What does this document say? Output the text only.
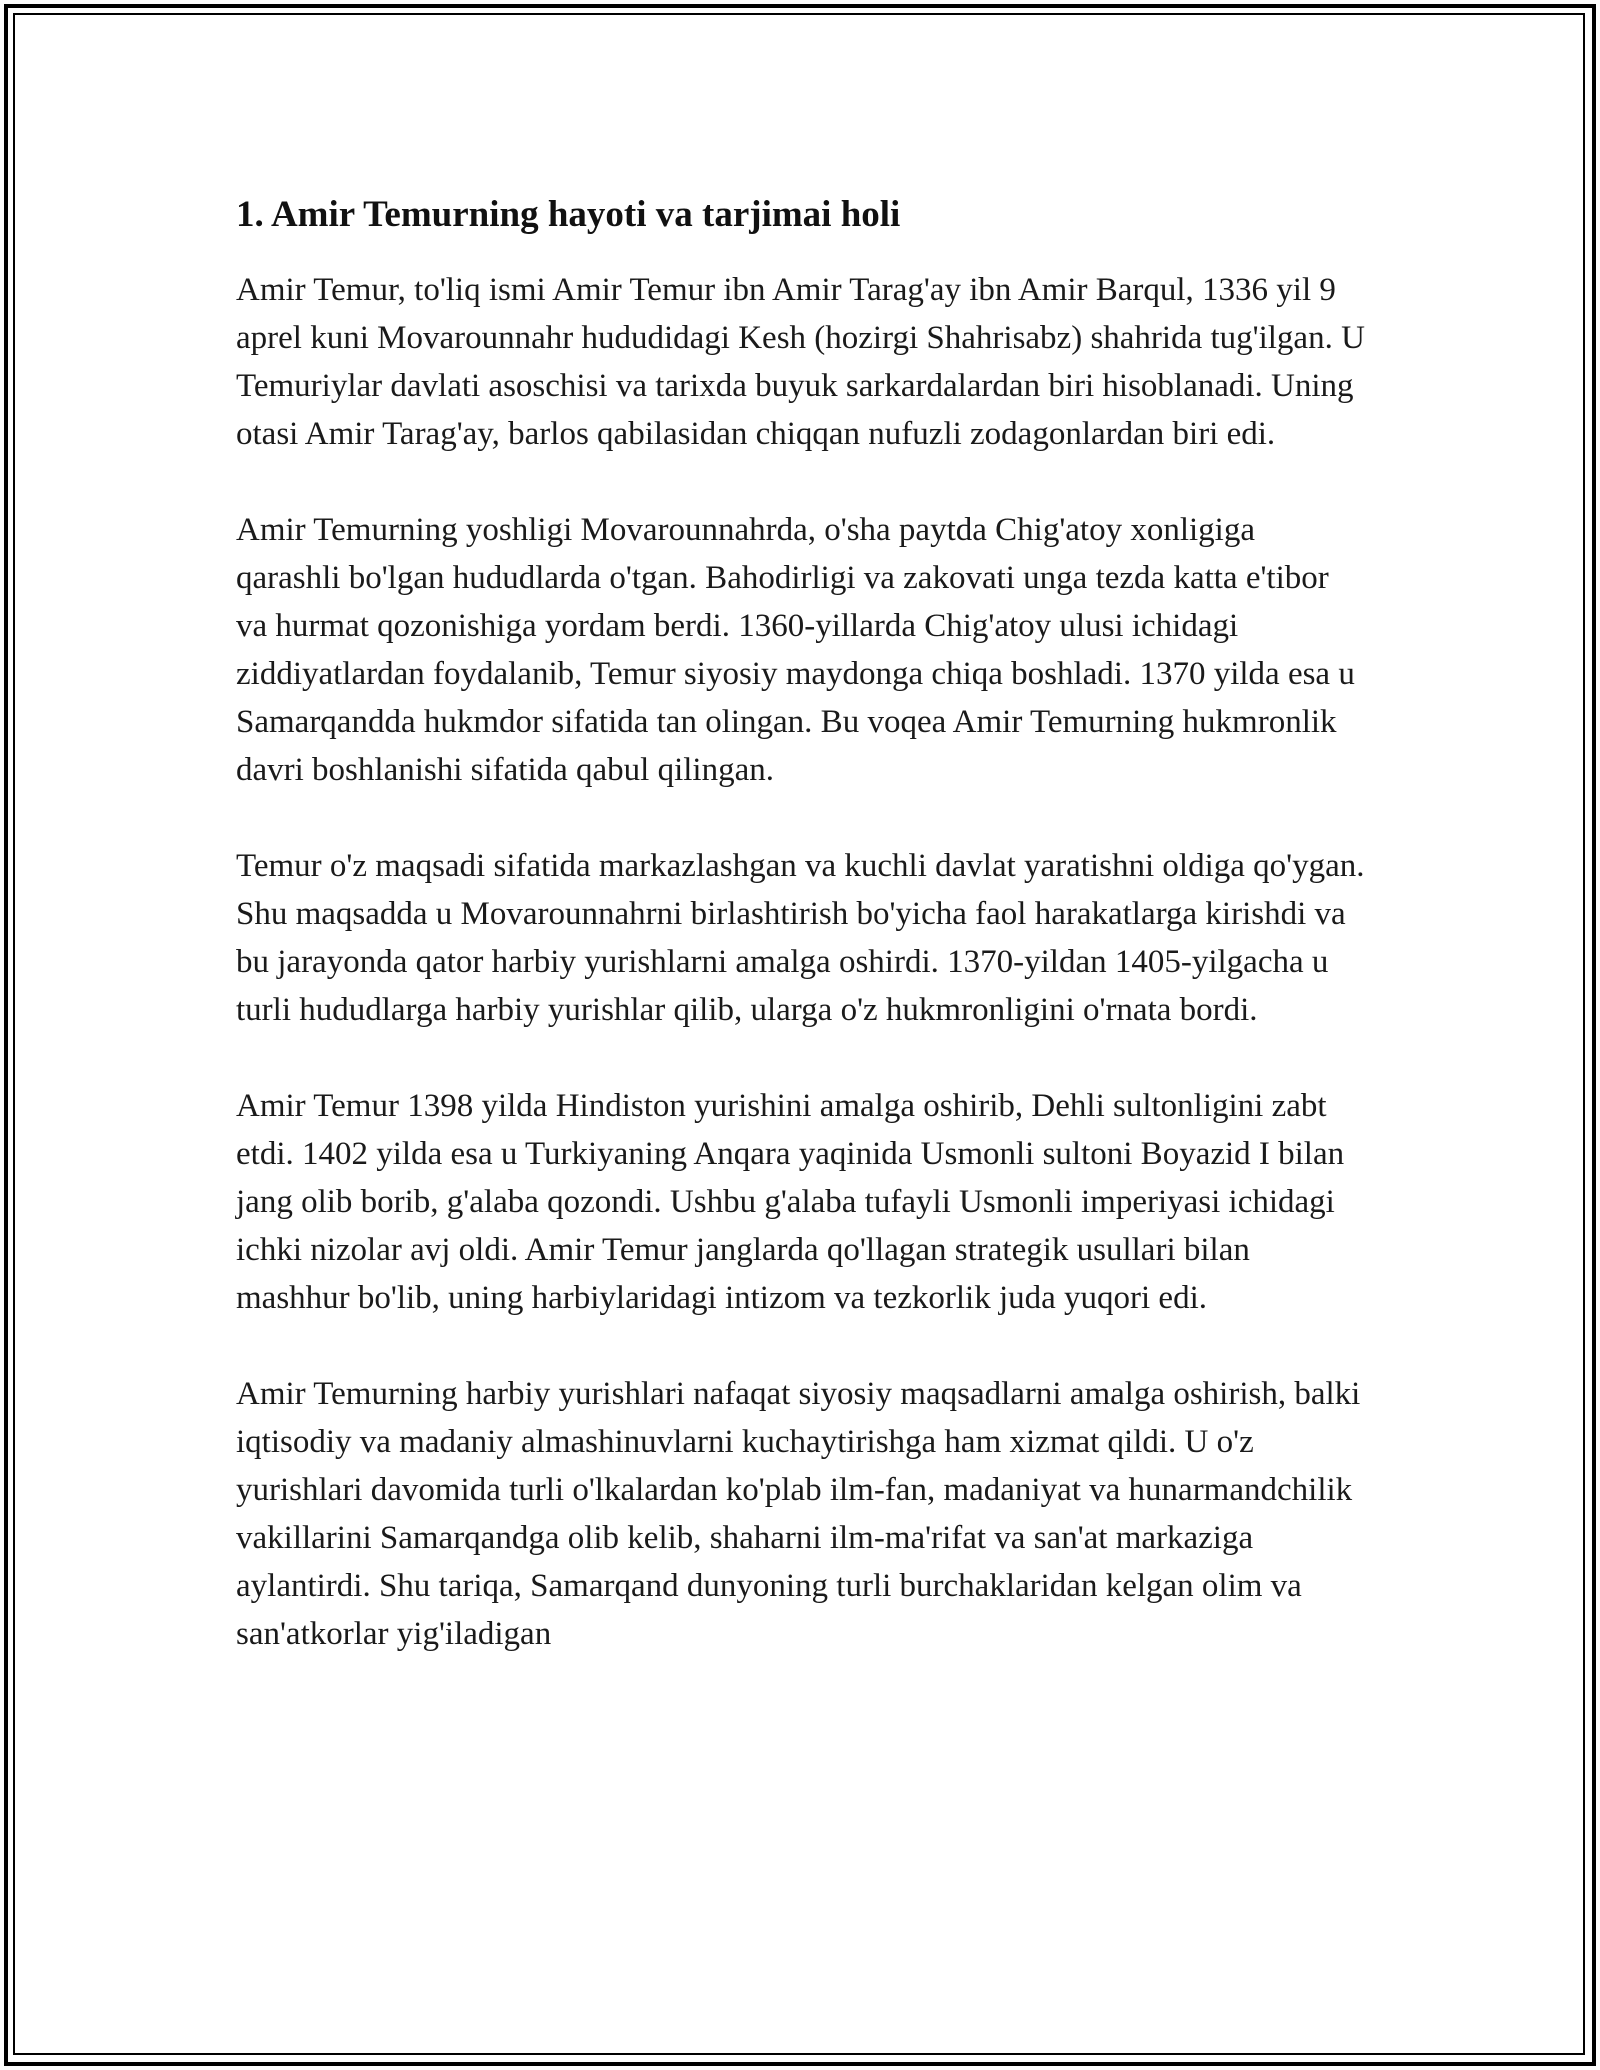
1. Amir Temurning hayoti va tarjimai holi

Amir Temur, to'liq ismi Amir Temur ibn Amir Tarag'ay ibn Amir Barqul, 1336 yil 9 aprel kuni Movarounnahr hududidagi Kesh (hozirgi Shahrisabz) shahrida tug'ilgan. U Temuriylar davlati asoschisi va tarixda buyuk sarkardalardan biri hisoblanadi. Uning otasi Amir Tarag'ay, barlos qabilasidan chiqqan nufuzli zodagonlardan biri edi.

Amir Temurning yoshligi Movarounnahrda, o'sha paytda Chig'atoy xonligiga qarashli bo'lgan hududlarda o'tgan. Bahodirligi va zakovati unga tezda katta e'tibor va hurmat qozonishiga yordam berdi. 1360-yillarda Chig'atoy ulusi ichidagi ziddiyatlardan foydalanib, Temur siyosiy maydonga chiqa boshladi. 1370 yilda esa u Samarqandda hukmdor sifatida tan olingan. Bu voqea Amir Temurning hukmronlik davri boshlanishi sifatida qabul qilingan.

Temur o'z maqsadi sifatida markazlashgan va kuchli davlat yaratishni oldiga qo'ygan. Shu maqsadda u Movarounnahrni birlashtirish bo'yicha faol harakatlarga kirishdi va bu jarayonda qator harbiy yurishlarni amalga oshirdi. 1370-yildan 1405-yilgacha u turli hududlarga harbiy yurishlar qilib, ularga o'z hukmronligini o'rnata bordi.

Amir Temur 1398 yilda Hindiston yurishini amalga oshirib, Dehli sultonligini zabt etdi. 1402 yilda esa u Turkiyaning Anqara yaqinida Usmonli sultoni Boyazid I bilan jang olib borib, g'alaba qozondi. Ushbu g'alaba tufayli Usmonli imperiyasi ichidagi ichki nizolar avj oldi. Amir Temur janglarda qo'llagan strategik usullari bilan mashhur bo'lib, uning harbiylaridagi intizom va tezkorlik juda yuqori edi.

Amir Temurning harbiy yurishlari nafaqat siyosiy maqsadlarni amalga oshirish, balki iqtisodiy va madaniy almashinuvlarni kuchaytirishga ham xizmat qildi. U o'z yurishlari davomida turli o'lkalardan ko'plab ilm-fan, madaniyat va hunarmandchilik vakillarini Samarqandga olib kelib, shaharni ilm-ma'rifat va san'at markaziga aylantirdi. Shu tariqa, Samarqand dunyoning turli burchaklaridan kelgan olim va san'atkorlar yig'iladigan
